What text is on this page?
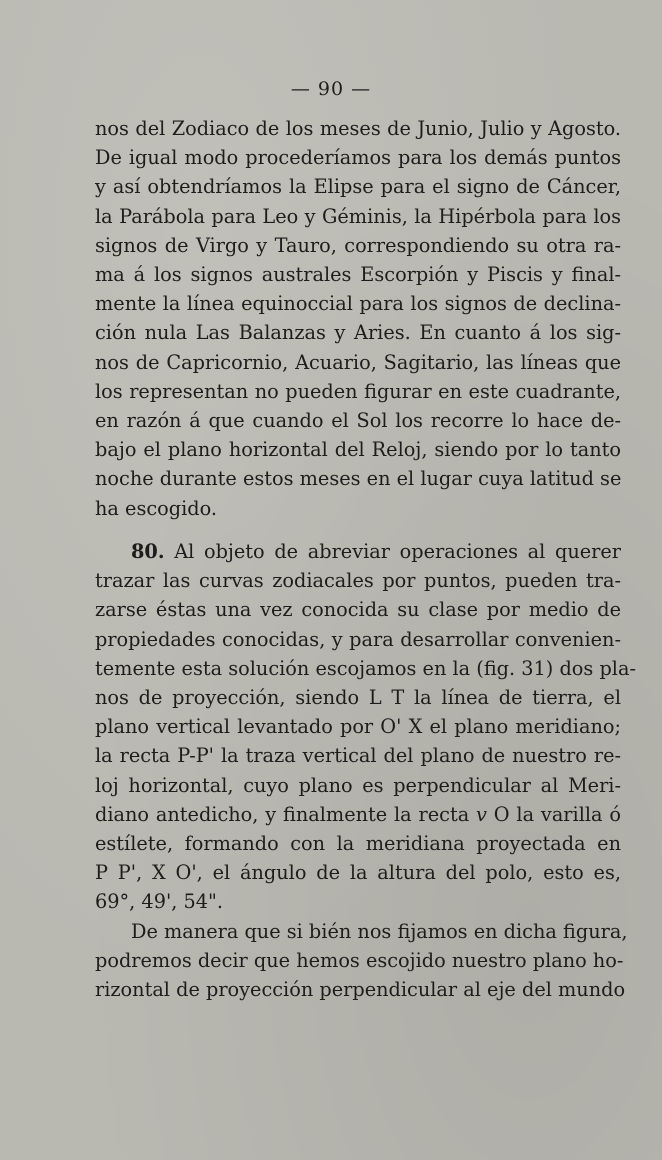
— 90 —
nos del Zodiaco de los meses de Junio, Julio y Agosto.
De igual modo procederíamos para los demás puntos
y así obtendríamos la Elipse para el signo de Cáncer,
la Parábola para Leo y Géminis, la Hipérbola para los
signos de Virgo y Tauro, correspondiendo su otra ra-
ma á los signos australes Escorpión y Piscis y final-
mente la línea equinoccial para los signos de declina-
ción nula Las Balanzas y Aries. En cuanto á los sig-
nos de Capricornio, Acuario, Sagitario, las líneas que
los representan no pueden figurar en este cuadrante,
en razón á que cuando el Sol los recorre lo hace de-
bajo el plano horizontal del Reloj, siendo por lo tanto
noche durante estos meses en el lugar cuya latitud se
ha escogido.
80. Al objeto de abreviar operaciones al querer
trazar las curvas zodiacales por puntos, pueden tra-
zarse éstas una vez conocida su clase por medio de
propiedades conocidas, y para desarrollar convenien-
temente esta solución escojamos en la (fig. 31) dos pla-
nos de proyección, siendo L T la línea de tierra, el
plano vertical levantado por O' X el plano meridiano;
la recta P-P' la traza vertical del plano de nuestro re-
loj horizontal, cuyo plano es perpendicular al Meri-
diano antedicho, y finalmente la recta v O la varilla ó
estílete, formando con la meridiana proyectada en
P P', X O', el ángulo de la altura del polo, esto es,
69°, 49', 54".
De manera que si bién nos fijamos en dicha figura,
podremos decir que hemos escojido nuestro plano ho-
rizontal de proyección perpendicular al eje del mundo
